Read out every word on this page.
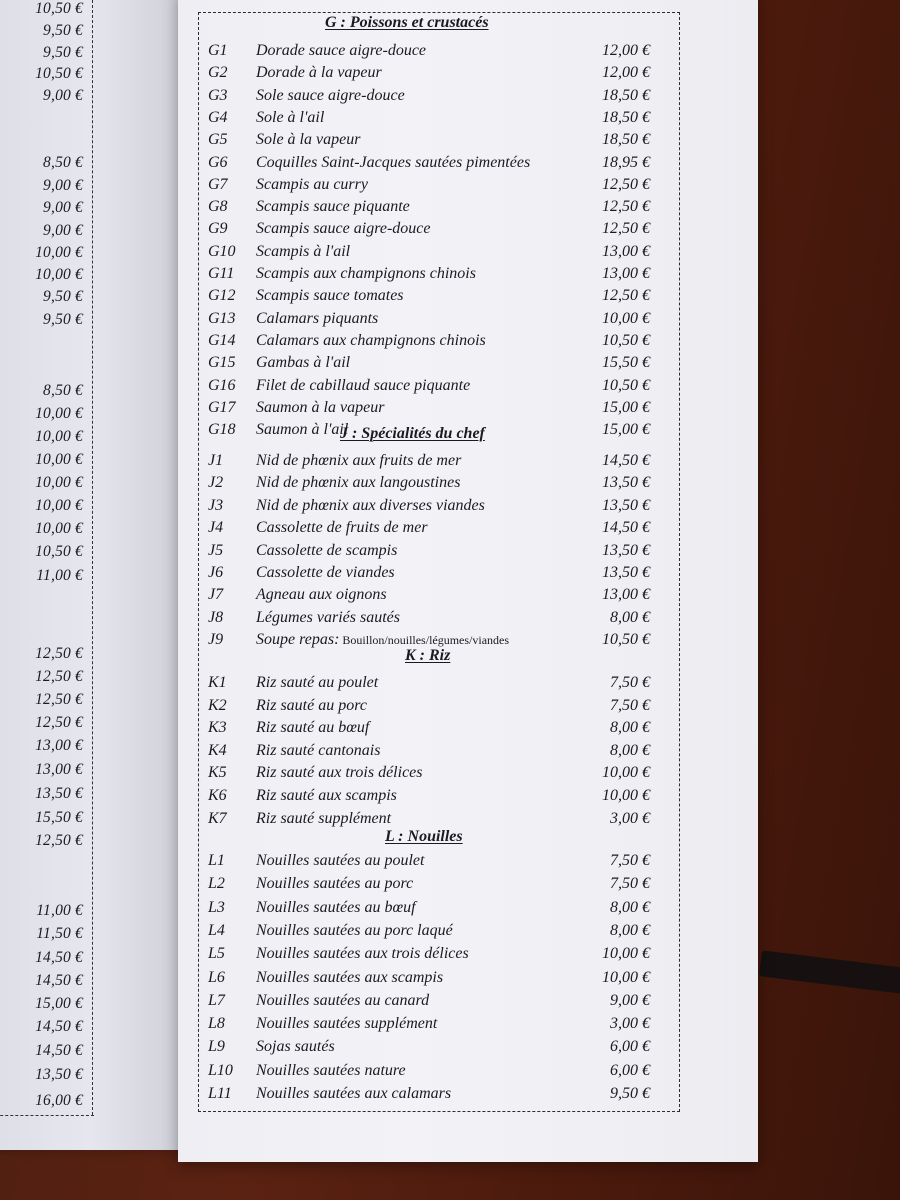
10,50 €
9,50 €
9,50 €
10,50 €
9,00 €
8,50 €
9,00 €
9,00 €
9,00 €
10,00 €
10,00 €
9,50 €
9,50 €
8,50 €
10,00 €
10,00 €
10,00 €
10,00 €
10,00 €
10,00 €
10,50 €
11,00 €
12,50 €
12,50 €
12,50 €
12,50 €
13,00 €
13,00 €
13,50 €
15,50 €
12,50 €
11,00 €
11,50 €
14,50 €
14,50 €
15,00 €
14,50 €
14,50 €
13,50 €
16,00 €
G : Poissons et crustacés
G1 Dorade sauce aigre-douce	12,00 €
G2 Dorade à la vapeur	12,00 €
G3 Sole sauce aigre-douce	18,50 €
G4 Sole à l'ail	18,50 €
G5 Sole à la vapeur	18,50 €
G6 Coquilles Saint-Jacques sautées pimentées	18,95 €
G7 Scampis au curry	12,50 €
G8 Scampis sauce piquante	12,50 €
G9 Scampis sauce aigre-douce	12,50 €
G10 Scampis à l'ail	13,00 €
G11 Scampis aux champignons chinois	13,00 €
G12 Scampis sauce tomates	12,50 €
G13 Calamars piquants	10,00 €
G14 Calamars aux champignons chinois	10,50 €
G15 Gambas à l'ail	15,50 €
G16 Filet de cabillaud sauce piquante	10,50 €
G17 Saumon à la vapeur	15,00 €
G18 Saumon à l'ail	15,00 €
J : Spécialités du chef
J1 Nid de phœnix aux fruits de mer	14,50 €
J2 Nid de phœnix aux langoustines	13,50 €
J3 Nid de phœnix aux diverses viandes	13,50 €
J4 Cassolette de fruits de mer	14,50 €
J5 Cassolette de scampis	13,50 €
J6 Cassolette de viandes	13,50 €
J7 Agneau aux oignons	13,00 €
J8 Légumes variés sautés	8,00 €
J9 Soupe repas: Bouillon/nouilles/légumes/viandes	10,50 €
K : Riz
K1 Riz sauté au poulet	7,50 €
K2 Riz sauté au porc	7,50 €
K3 Riz sauté au bœuf	8,00 €
K4 Riz sauté cantonais	8,00 €
K5 Riz sauté aux trois délices	10,00 €
K6 Riz sauté aux scampis	10,00 €
K7 Riz sauté supplément	3,00 €
L : Nouilles
L1 Nouilles sautées au poulet	7,50 €
L2 Nouilles sautées au porc	7,50 €
L3 Nouilles sautées au bœuf	8,00 €
L4 Nouilles sautées au porc laqué	8,00 €
L5 Nouilles sautées aux trois délices	10,00 €
L6 Nouilles sautées aux scampis	10,00 €
L7 Nouilles sautées au canard	9,00 €
L8 Nouilles sautées supplément	3,00 €
L9 Sojas sautés	6,00 €
L10 Nouilles sautées nature	6,00 €
L11 Nouilles sautées aux calamars	9,50 €
